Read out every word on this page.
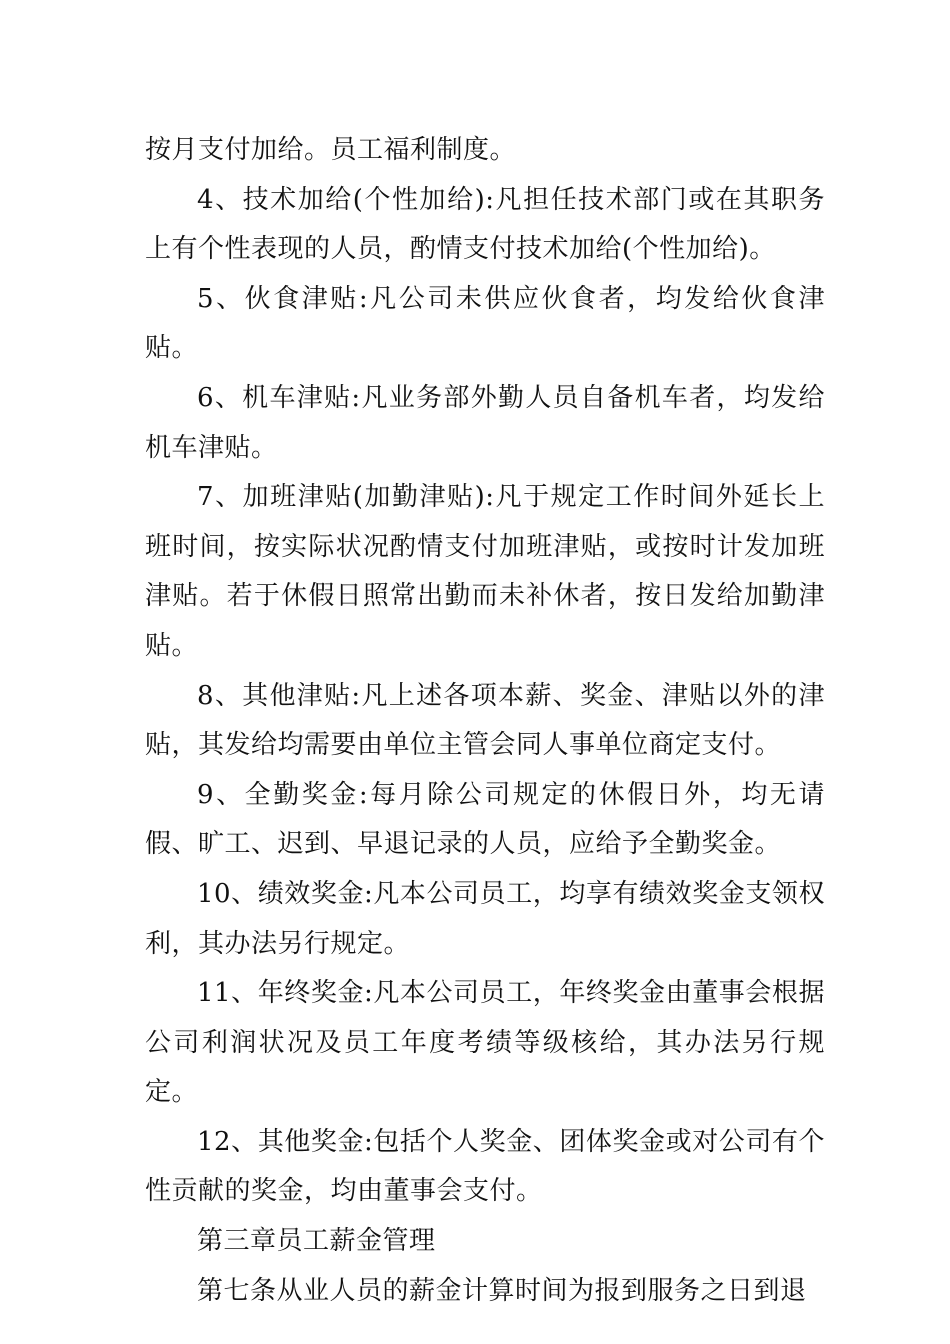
按月支付加给。员工福利制度。

4、技术加给(个性加给):凡担任技术部门或在其职务上有个性表现的人员，酌情支付技术加给(个性加给)。

5、伙食津贴:凡公司未供应伙食者，均发给伙食津贴。

6、机车津贴:凡业务部外勤人员自备机车者，均发给机车津贴。

7、加班津贴(加勤津贴):凡于规定工作时间外延长上班时间，按实际状况酌情支付加班津贴，或按时计发加班津贴。若于休假日照常出勤而未补休者，按日发给加勤津贴。

8、其他津贴:凡上述各项本薪、奖金、津贴以外的津贴，其发给均需要由单位主管会同人事单位商定支付。

9、全勤奖金:每月除公司规定的休假日外，均无请假、旷工、迟到、早退记录的人员，应给予全勤奖金。

10、绩效奖金:凡本公司员工，均享有绩效奖金支领权利，其办法另行规定。

11、年终奖金:凡本公司员工，年终奖金由董事会根据公司利润状况及员工年度考绩等级核给，其办法另行规定。

12、其他奖金:包括个人奖金、团体奖金或对公司有个性贡献的奖金，均由董事会支付。

第三章员工薪金管理

第七条从业人员的薪金计算时间为报到服务之日到退
